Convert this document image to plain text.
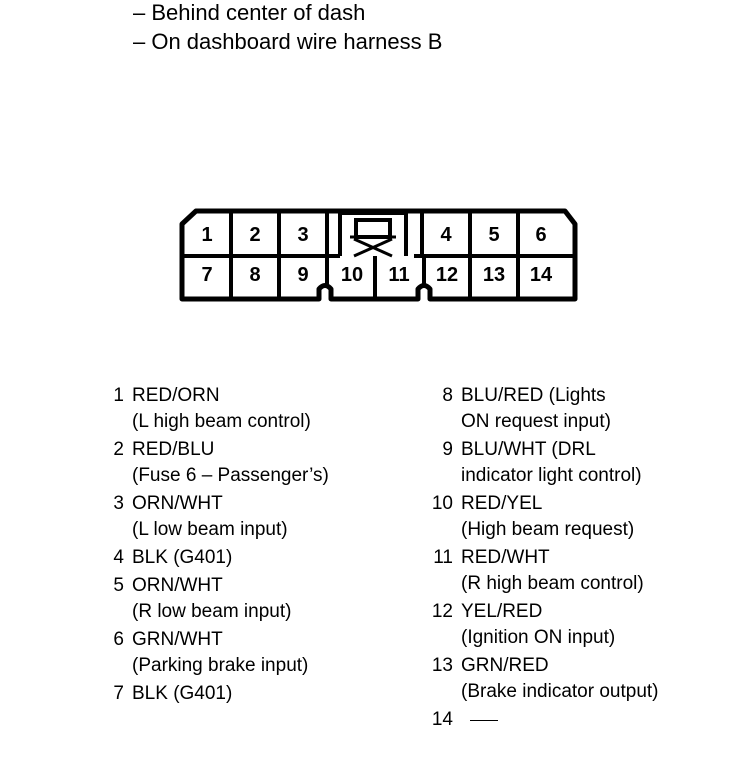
– Behind center of dash
– On dashboard wire harness B
1 2 3	4 5 6
7 8 9 10 11 12 13 14
1 RED/ORN
(L high beam control)
2 RED/BLU
(Fuse 6 – Passenger’s)
3 ORN/WHT
(L low beam input)
4 BLK (G401)
5 ORN/WHT
(R low beam input)
6 GRN/WHT
(Parking brake input)
7 BLK (G401)
8 BLU/RED (Lights
ON request input)
9 BLU/WHT (DRL
indicator light control)
10 RED/YEL
(High beam request)
11 RED/WHT
(R high beam control)
12 YEL/RED
(Ignition ON input)
13 GRN/RED
(Brake indicator output)
14
